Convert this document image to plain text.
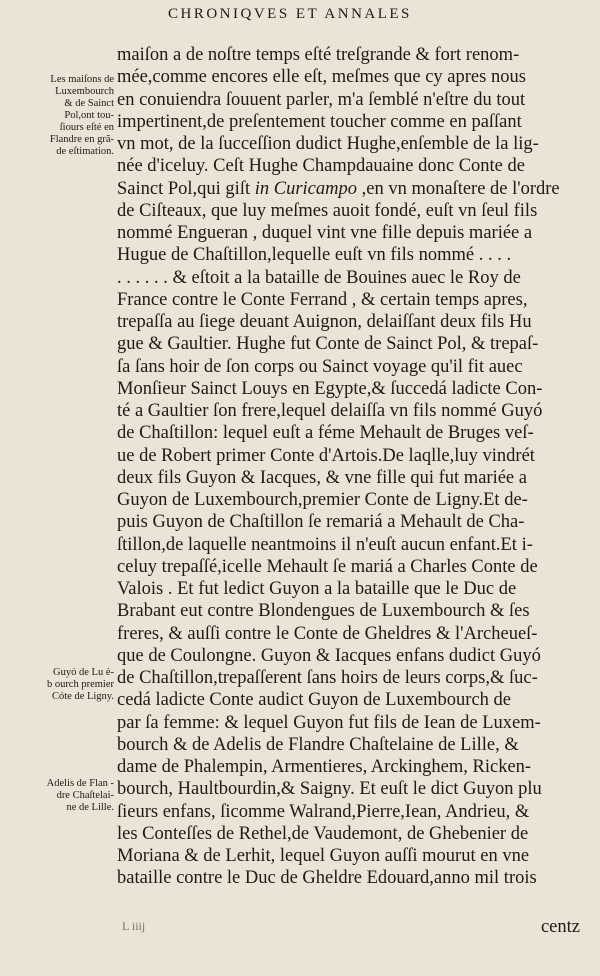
CHRONIQVES ET ANNALES
Les maiſons de
Luxembourch
& de Sainct
Pol,ont tou-
ſiours eſté en
Flandre en grã-
de eſtimation.
Guyó de Lu ė-
b ourch premier
Cóte de Ligny.
Adelis de Flan -
dre Chaſtelai-
ne de Lille.
maiſon a de noſtre temps eſté treſgrande & fort renom-
mée,comme encores elle eſt, meſmes que cy apres nous
en conuiendra ſouuent parler, m'a ſemblé n'eſtre du tout
impertinent,de preſentement toucher comme en paſſant
vn mot, de la ſucceſſion dudict Hughe,enſemble de la lig-
née d'iceluy. Ceſt Hughe Champdauaine donc Conte de
Sainct Pol,qui giſt in Curicampo ,en vn monaſtere de l'ordre
de Ciſteaux, que luy meſmes auoit fondé, euſt vn ſeul fils
nommé Engueran , duquel vint vne fille depuis mariée a
Hugue de Chaſtillon,lequelle euſt vn fils nommé . . . .
. . . . . . & eſtoit a la bataille de Bouines auec le Roy de
France contre le Conte Ferrand , & certain temps apres,
trepaſſa au ſiege deuant Auignon, delaiſſant deux fils Hu
gue & Gaultier. Hughe fut Conte de Sainct Pol, & trepaſ-
ſa ſans hoir de ſon corps ou Sainct voyage qu'il fit auec
Monſieur Sainct Louys en Egypte,& ſuccedá ladicte Con-
té a Gaultier ſon frere,lequel delaiſſa vn fils nommé Guyó
de Chaſtillon: lequel euſt a féme Mehault de Bruges veſ-
ue de Robert primer Conte d'Artois.De laqlle,luy vindrét
deux fils Guyon & Iacques, & vne fille qui fut mariée a
Guyon de Luxembourch,premier Conte de Ligny.Et de-
puis Guyon de Chaſtillon ſe remariá a Mehault de Cha-
ſtillon,de laquelle neantmoins il n'euſt aucun enfant.Et i-
celuy trepaſſé,icelle Mehault ſe mariá a Charles Conte de
Valois . Et fut ledict Guyon a la bataille que le Duc de
Brabant eut contre Blondengues de Luxembourch & ſes
freres, & auſſi contre le Conte de Gheldres & l'Archeueſ-
que de Coulongne. Guyon & Iacques enfans dudict Guyó
de Chaſtillon,trepaſſerent ſans hoirs de leurs corps,& ſuc-
cedá ladicte Conte audict Guyon de Luxembourch de
par ſa femme: & lequel Guyon fut fils de Iean de Luxem-
bourch & de Adelis de Flandre Chaſtelaine de Lille, &
dame de Phalempin, Armentieres, Arckinghem, Ricken-
bourch, Haultbourdin,& Saigny. Et euſt le dict Guyon plu
ſieurs enfans, ſicomme Walrand,Pierre,Iean, Andrieu, &
les Conteſſes de Rethel,de Vaudemont, de Ghebenier de
Moriana & de Lerhit, lequel Guyon auſſi mourut en vne
bataille contre le Duc de Gheldre Edouard,anno mil trois
L iiij	centz
